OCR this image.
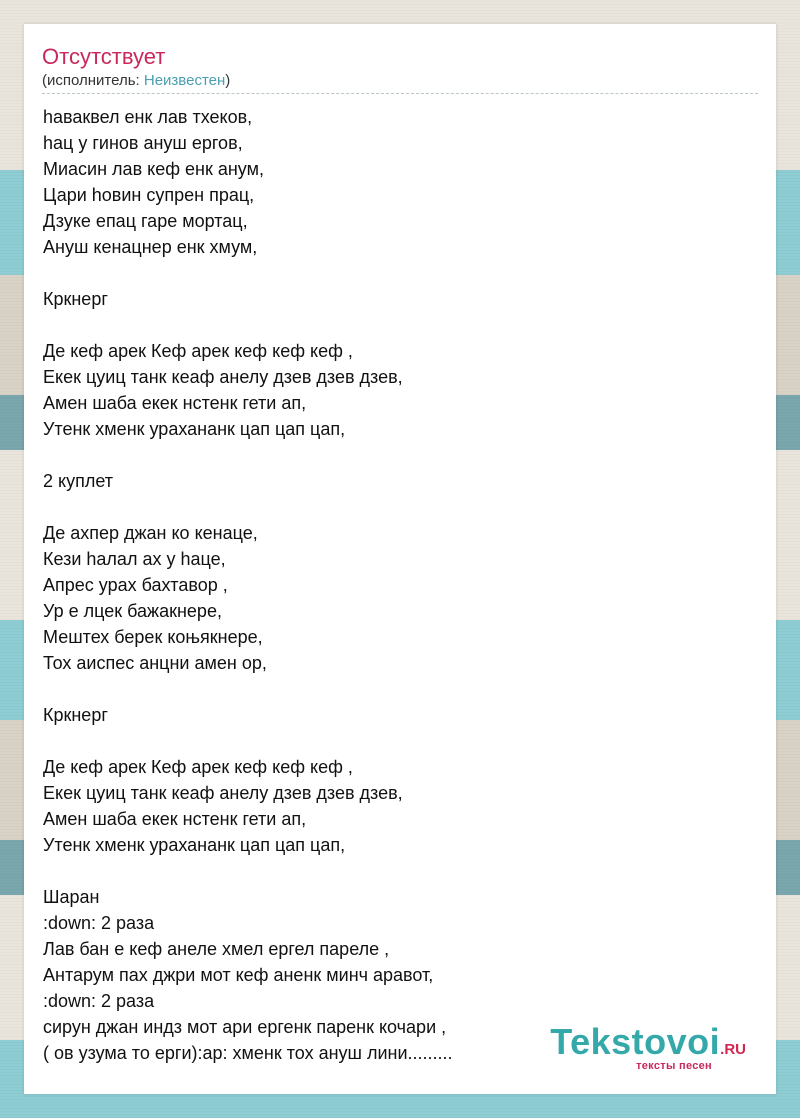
Отсутствует
(исполнитель: Неизвестен)
hаваквел енк лав тхеков,
hац у гинов ануш ергов,
Миасин лав кеф енк анум,
Цари hовин супрен прац,
Дзуке епац гаре мортац,
Ануш кенацнер енк хмум,
Кркнерг
Де кеф арек Кеф арек кеф кеф кеф ,
Екек цуиц танк кеаф анелу дзев дзев дзев,
Амен шаба екек нстенк гети ап,
Утенк хменк урахананк цап цап цап,
2 куплет
Де ахпер джан ко кенаце,
Кези hалал ах у hаце,
Апрес урах бахтавор ,
Ур е лцек бажакнере,
Мештех берек коњякнере,
Тох аиспес анцни амен ор,
Кркнерг
Де кеф арек Кеф арек кеф кеф кеф ,
Екек цуиц танк кеаф анелу дзев дзев дзев,
Амен шаба екек нстенк гети ап,
Утенк хменк урахананк цап цап цап,
Шаран
:down: 2 раза
Лав бан е кеф анеле хмел ергел пареле ,
Антарум пах джри мот кеф аненк минч аравот,
:down: 2 раза
сирун джан индз мот ари ергенк паренк кочари ,
( ов узума то ерги):ap: хменк тох ануш лини.........	Tekstovoi.RU
тексты песен
